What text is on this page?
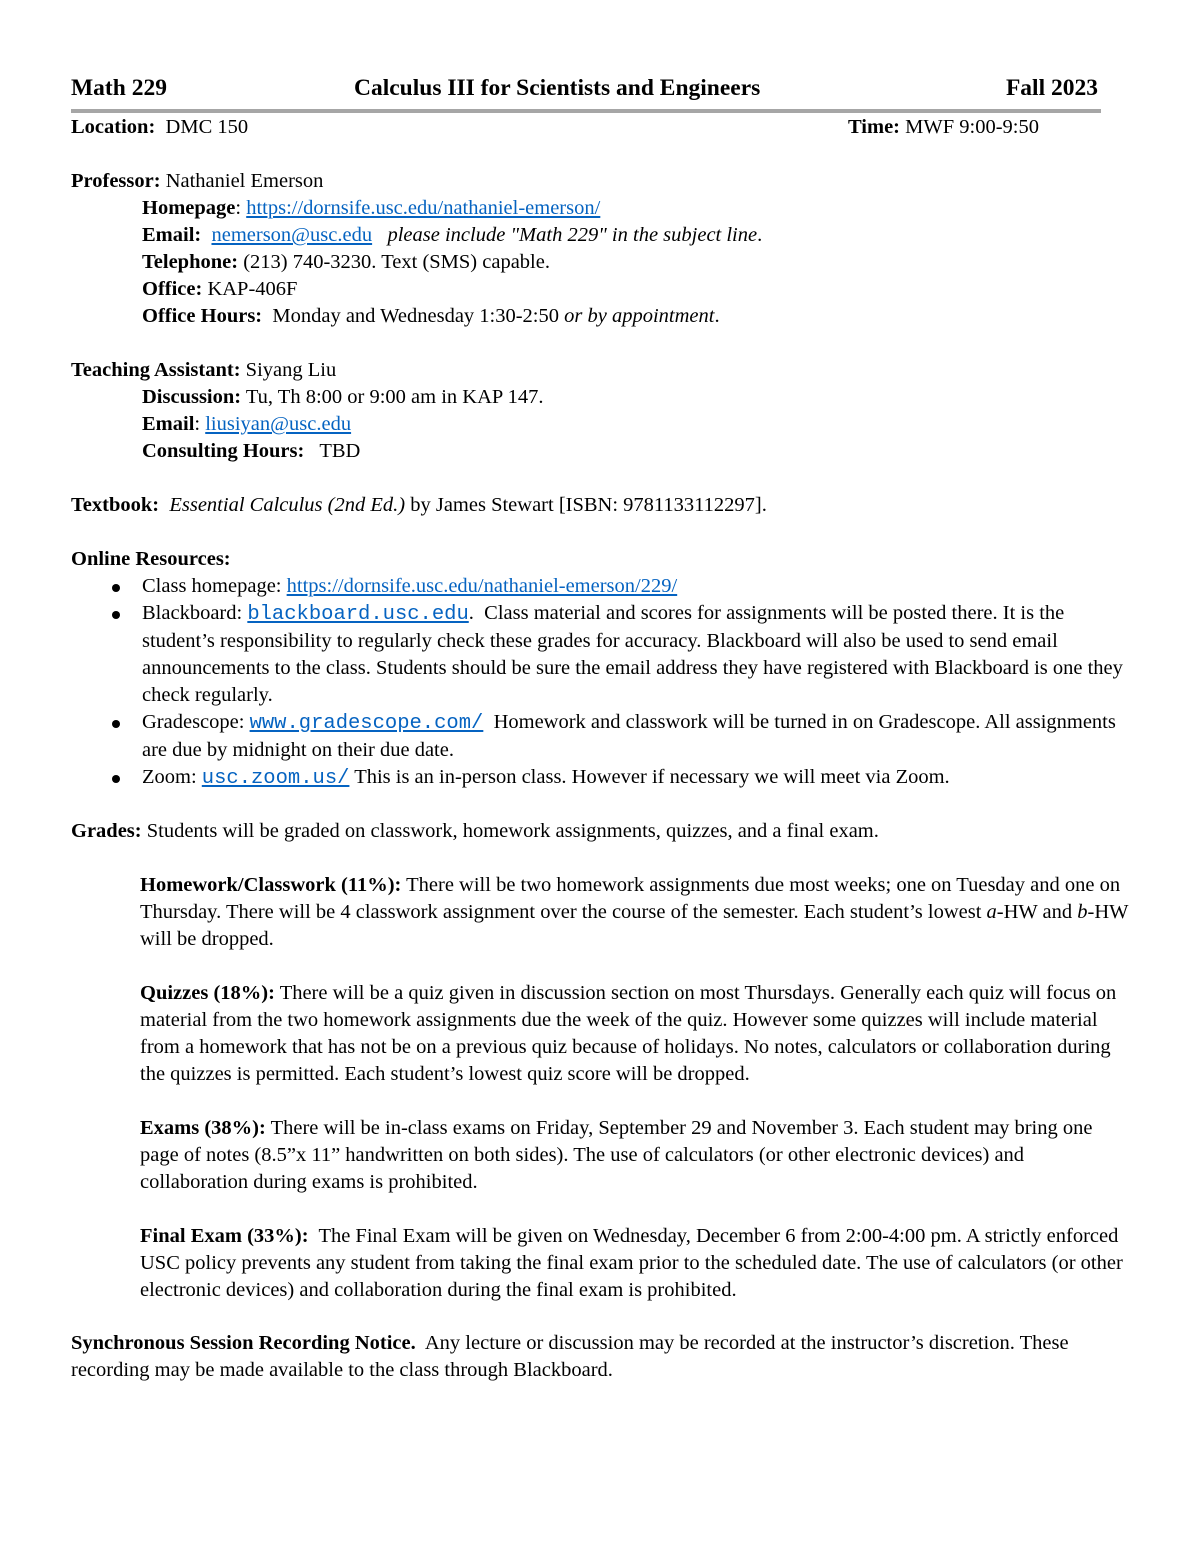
Math 229	Calculus III for Scientists and Engineers	Fall 2023
Location: DMC 150	Time: MWF 9:00-9:50

Professor: Nathaniel Emerson

Homepage: https://dornsife.usc.edu/nathaniel-emerson/

Email: nemerson@usc.edu please include "Math 229" in the subject line.

Telephone: (213) 740-3230. Text (SMS) capable.

Office: KAP-406F

Office Hours: Monday and Wednesday 1:30-2:50 or by appointment.

Teaching Assistant: Siyang Liu

Discussion: Tu, Th 8:00 or 9:00 am in KAP 147.

Email: liusiyan@usc.edu

Consulting Hours: TBD

Textbook: Essential Calculus (2nd Ed.) by James Stewart [ISBN: 9781133112297].

Online Resources:

Class homepage: https://dornsife.usc.edu/nathaniel-emerson/229/
Blackboard: blackboard.usc.edu.  Class material and scores for assignments will be posted there. It is the student’s responsibility to regularly check these grades for accuracy. Blackboard will also be used to send email announcements to the class. Students should be sure the email address they have registered with Blackboard is one they check regularly.
Gradescope: www.gradescope.com/ Homework and classwork will be turned in on Gradescope. All assignments are due by midnight on their due date.
Zoom: usc.zoom.us/ This is an in-person class. However if necessary we will meet via Zoom.

Grades: Students will be graded on classwork, homework assignments, quizzes, and a final exam.

Homework/Classwork (11%): There will be two homework assignments due most weeks; one on Tuesday and one on Thursday. There will be 4 classwork assignment over the course of the semester. Each student’s lowest a-HW and b-HW will be dropped.

Quizzes (18%): There will be a quiz given in discussion section on most Thursdays. Generally each quiz will focus on material from the two homework assignments due the week of the quiz. However some quizzes will include material from a homework that has not be on a previous quiz because of holidays. No notes, calculators or collaboration during the quizzes is permitted. Each student’s lowest quiz score will be dropped.

Exams (38%): There will be in-class exams on Friday, September 29 and November 3. Each student may bring one page of notes (8.5”x 11” handwritten on both sides). The use of calculators (or other electronic devices) and collaboration during exams is prohibited.

Final Exam (33%): The Final Exam will be given on Wednesday, December 6 from 2:00-4:00 pm. A strictly enforced USC policy prevents any student from taking the final exam prior to the scheduled date. The use of calculators (or other electronic devices) and collaboration during the final exam is prohibited.

Synchronous Session Recording Notice. Any lecture or discussion may be recorded at the instructor’s discretion. These recording may be made available to the class through Blackboard.
